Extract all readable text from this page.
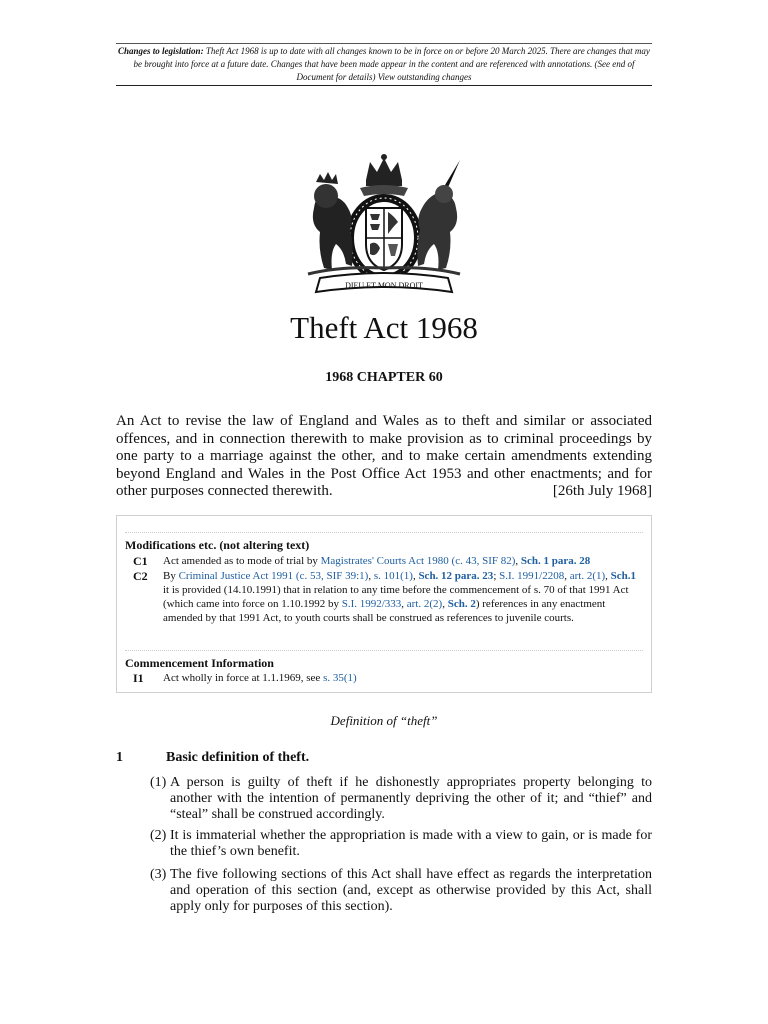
Changes to legislation: Theft Act 1968 is up to date with all changes known to be in force on or before 20 March 2025. There are changes that may be brought into force at a future date. Changes that have been made appear in the content and are referenced with annotations. (See end of Document for details) View outstanding changes
DIEU ET MON DROIT
Theft Act 1968
1968 CHAPTER 60
An Act to revise the law of England and Wales as to theft and similar or associated offences, and in connection therewith to make provision as to criminal proceedings by one party to a marriage against the other, and to make certain amendments extending beyond England and Wales in the Post Office Act 1953 and other enactments; and for other purposes connected therewith.	[26th July 1968]
Modifications etc. (not altering text)
C1 Act amended as to mode of trial by Magistrates' Courts Act 1980 (c. 43, SIF 82), Sch. 1 para. 28
C2 By Criminal Justice Act 1991 (c. 53, SIF 39:1), s. 101(1), Sch. 12 para. 23; S.I. 1991/2208, art. 2(1), Sch.1 it is provided (14.10.1991) that in relation to any time before the commencement of s. 70 of that 1991 Act (which came into force on 1.10.1992 by S.I. 1992/333, art. 2(2), Sch. 2) references in any enactment amended by that 1991 Act, to youth courts shall be construed as references to juvenile courts.
Commencement Information
I1 Act wholly in force at 1.1.1969, see s. 35(1)
Definition of “theft”
1	Basic definition of theft.
(1) A person is guilty of theft if he dishonestly appropriates property belonging to another with the intention of permanently depriving the other of it; and “thief” and “steal” shall be construed accordingly.
(2) It is immaterial whether the appropriation is made with a view to gain, or is made for the thief’s own benefit.
(3) The five following sections of this Act shall have effect as regards the interpretation and operation of this section (and, except as otherwise provided by this Act, shall apply only for purposes of this section).
